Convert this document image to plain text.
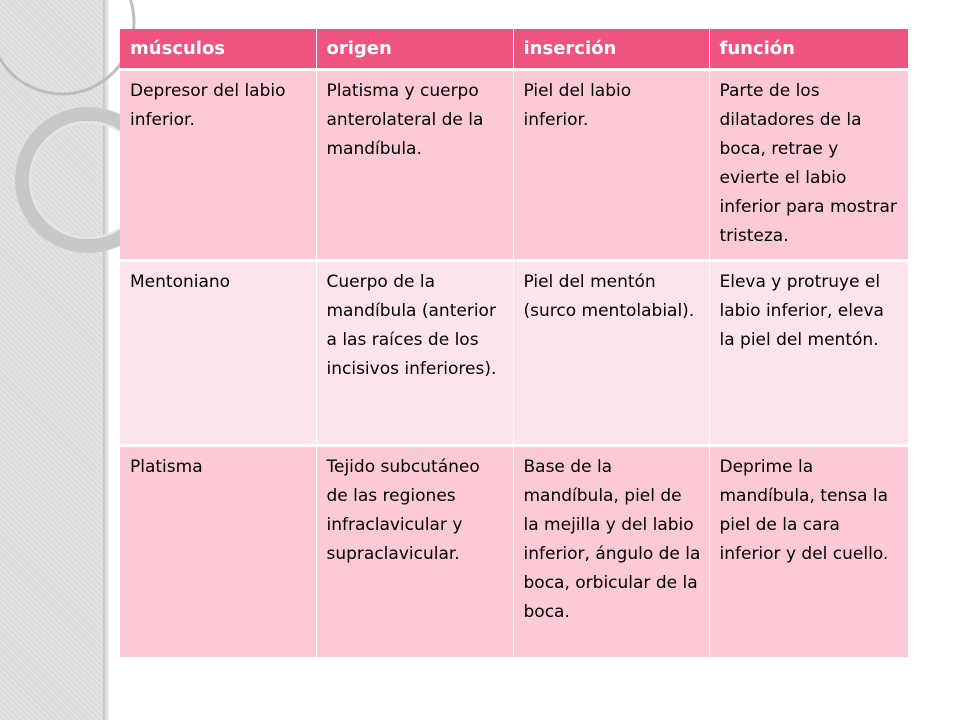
músculos	origen	inserción	función
Depresor del labio inferior.	Platisma y cuerpo anterolateral de la mandíbula.	Piel del labio inferior.	Parte de los dilatadores de la boca, retrae y evierte el labio inferior para mostrar tristeza.
Mentoniano	Cuerpo de la mandíbula (anterior a las raíces de los incisivos inferiores).	Piel del mentón (surco mentolabial).	Eleva y protruye el labio inferior, eleva la piel del mentón.
Platisma	Tejido subcutáneo de las regiones infraclavicular y supraclavicular.	Base de la mandíbula, piel de la mejilla y del labio inferior, ángulo de la boca, orbicular de la boca.	Deprime la mandíbula, tensa la piel de la cara inferior y del cuello.
